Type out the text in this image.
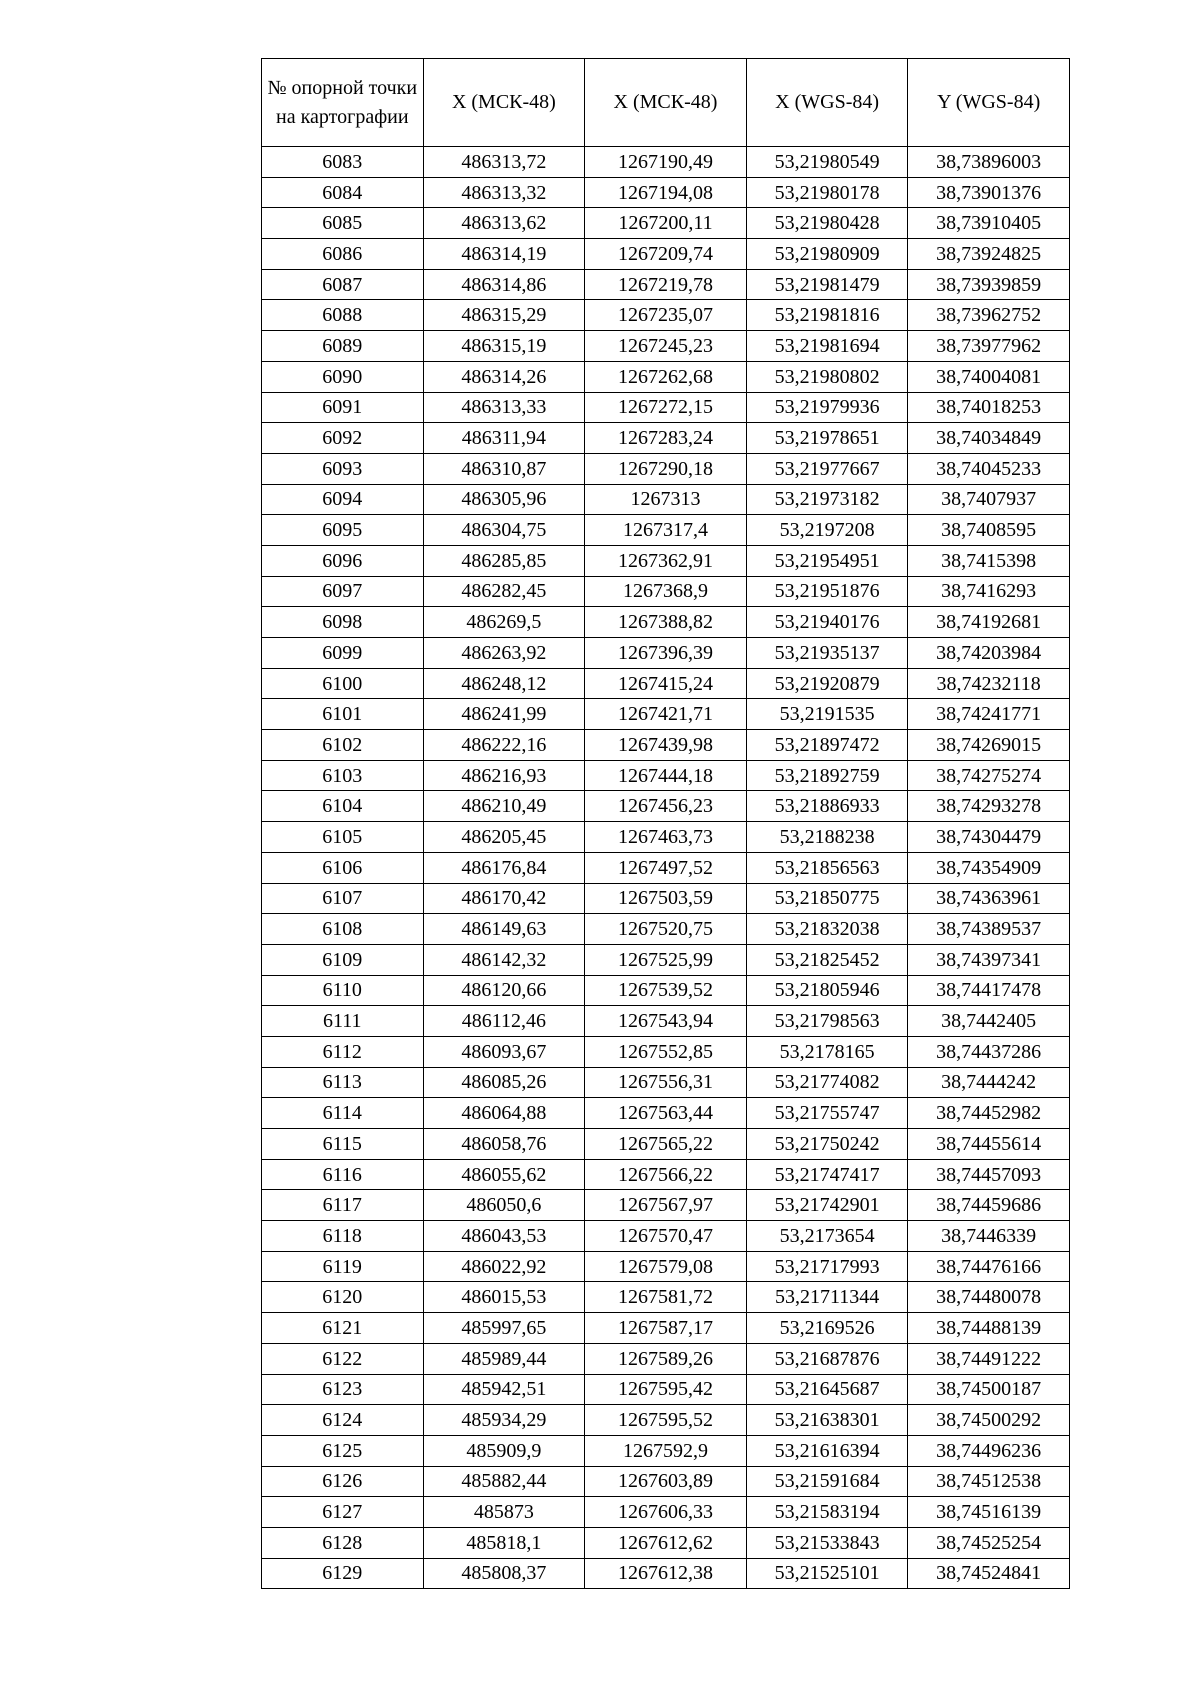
№ опорной точки на картографии	X (МСК-48)	X (МСК-48)	X (WGS-84)	Y (WGS-84)
6083	486313,72	1267190,49	53,21980549	38,73896003
6084	486313,32	1267194,08	53,21980178	38,73901376
6085	486313,62	1267200,11	53,21980428	38,73910405
6086	486314,19	1267209,74	53,21980909	38,73924825
6087	486314,86	1267219,78	53,21981479	38,73939859
6088	486315,29	1267235,07	53,21981816	38,73962752
6089	486315,19	1267245,23	53,21981694	38,73977962
6090	486314,26	1267262,68	53,21980802	38,74004081
6091	486313,33	1267272,15	53,21979936	38,74018253
6092	486311,94	1267283,24	53,21978651	38,74034849
6093	486310,87	1267290,18	53,21977667	38,74045233
6094	486305,96	1267313	53,21973182	38,7407937
6095	486304,75	1267317,4	53,2197208	38,7408595
6096	486285,85	1267362,91	53,21954951	38,7415398
6097	486282,45	1267368,9	53,21951876	38,7416293
6098	486269,5	1267388,82	53,21940176	38,74192681
6099	486263,92	1267396,39	53,21935137	38,74203984
6100	486248,12	1267415,24	53,21920879	38,74232118
6101	486241,99	1267421,71	53,2191535	38,74241771
6102	486222,16	1267439,98	53,21897472	38,74269015
6103	486216,93	1267444,18	53,21892759	38,74275274
6104	486210,49	1267456,23	53,21886933	38,74293278
6105	486205,45	1267463,73	53,2188238	38,74304479
6106	486176,84	1267497,52	53,21856563	38,74354909
6107	486170,42	1267503,59	53,21850775	38,74363961
6108	486149,63	1267520,75	53,21832038	38,74389537
6109	486142,32	1267525,99	53,21825452	38,74397341
6110	486120,66	1267539,52	53,21805946	38,74417478
6111	486112,46	1267543,94	53,21798563	38,7442405
6112	486093,67	1267552,85	53,2178165	38,74437286
6113	486085,26	1267556,31	53,21774082	38,7444242
6114	486064,88	1267563,44	53,21755747	38,74452982
6115	486058,76	1267565,22	53,21750242	38,74455614
6116	486055,62	1267566,22	53,21747417	38,74457093
6117	486050,6	1267567,97	53,21742901	38,74459686
6118	486043,53	1267570,47	53,2173654	38,7446339
6119	486022,92	1267579,08	53,21717993	38,74476166
6120	486015,53	1267581,72	53,21711344	38,74480078
6121	485997,65	1267587,17	53,2169526	38,74488139
6122	485989,44	1267589,26	53,21687876	38,74491222
6123	485942,51	1267595,42	53,21645687	38,74500187
6124	485934,29	1267595,52	53,21638301	38,74500292
6125	485909,9	1267592,9	53,21616394	38,74496236
6126	485882,44	1267603,89	53,21591684	38,74512538
6127	485873	1267606,33	53,21583194	38,74516139
6128	485818,1	1267612,62	53,21533843	38,74525254
6129	485808,37	1267612,38	53,21525101	38,74524841
